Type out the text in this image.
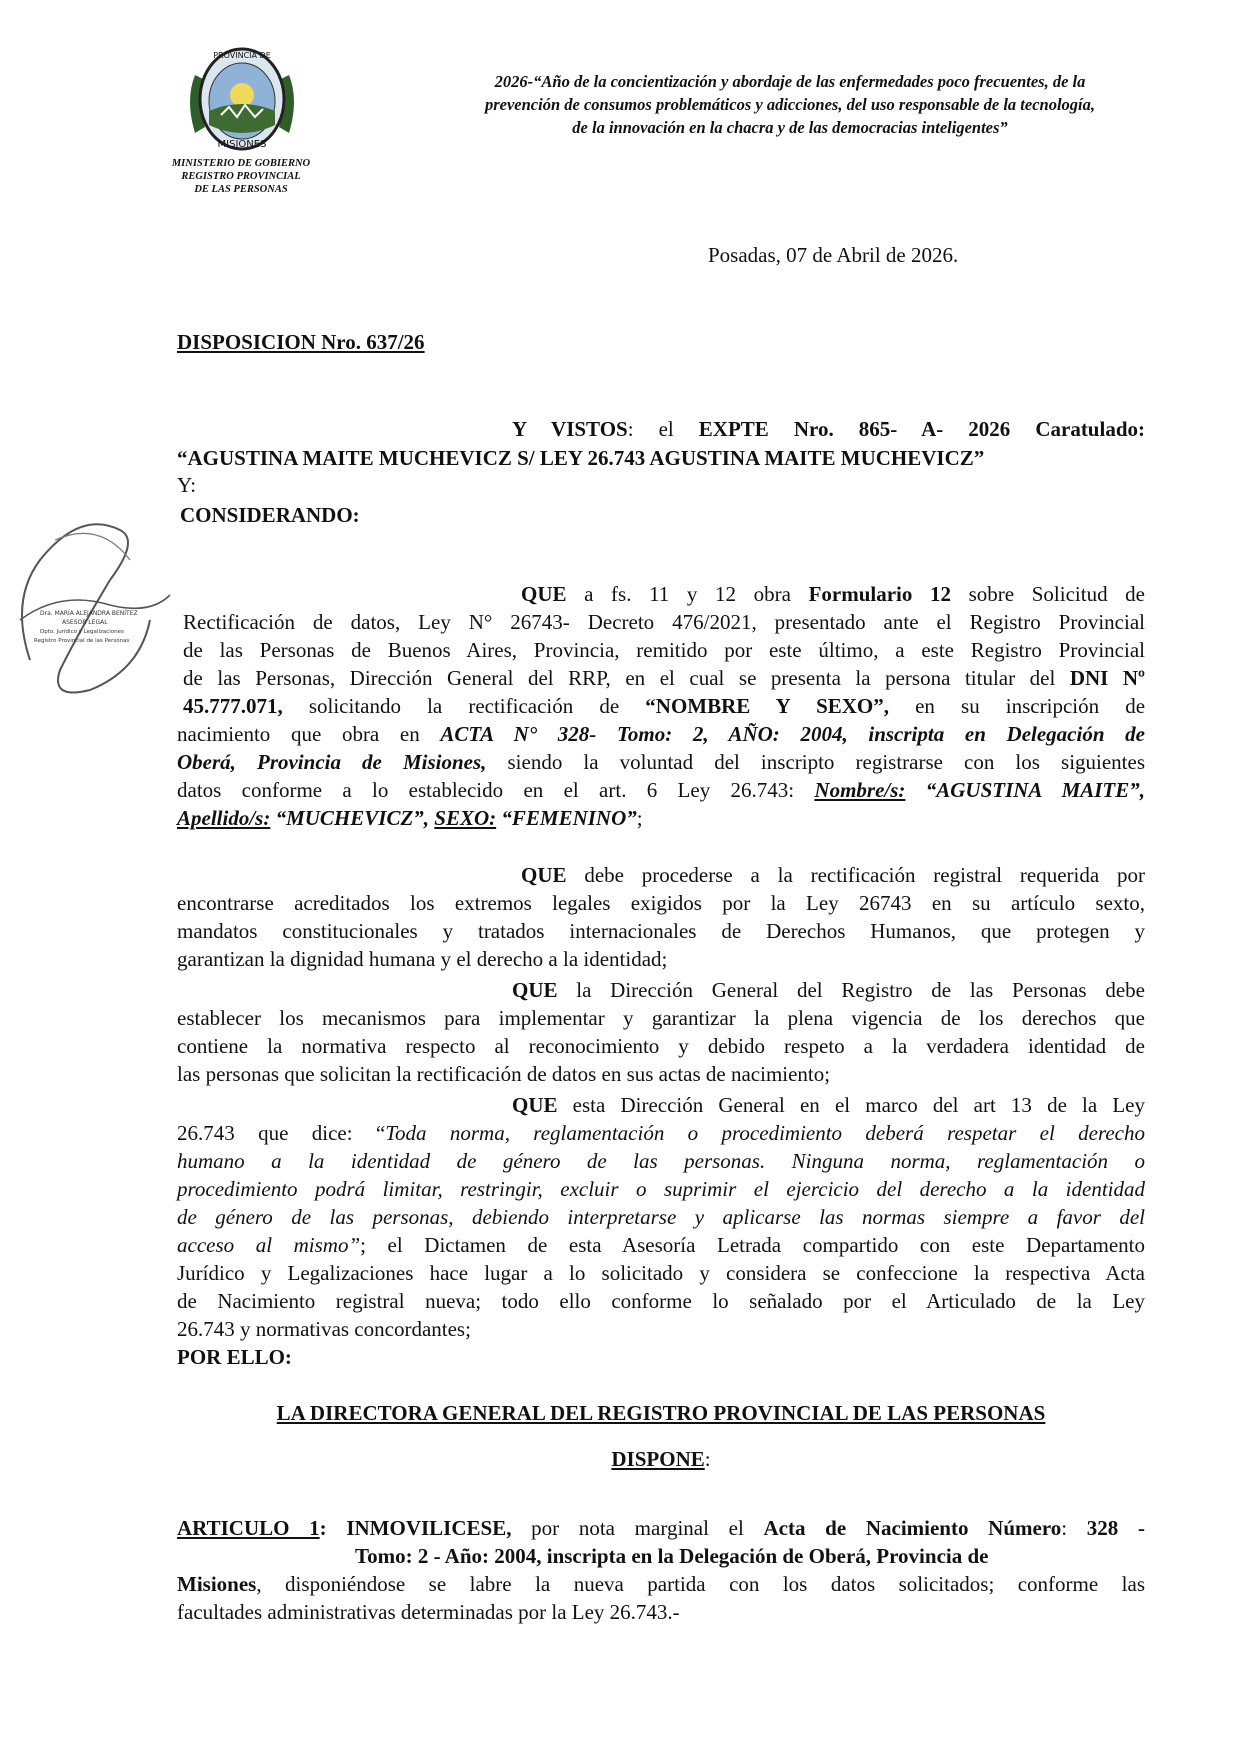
PROVINCIA DE
MISIONES
MINISTERIO DE GOBIERNO
REGISTRO PROVINCIAL
DE LAS PERSONAS
2026-“Año de la concientización y abordaje de las enfermedades poco frecuentes, de la
prevención de consumos problemáticos y adicciones, del uso responsable de la tecnología,
de la innovación en la chacra y de las democracias inteligentes”
Posadas, 07 de Abril de 2026.
DISPOSICION Nro. 637/26
Y VISTOS: el EXPTE Nro. 865- A- 2026 Caratulado:
“AGUSTINA MAITE MUCHEVICZ S/ LEY 26.743 AGUSTINA MAITE MUCHEVICZ”
Y:
CONSIDERANDO:
Dra. MARÍA ALEJANDRA BENÍTEZ
ASESOR LEGAL
Dpto. Jurídico y Legalizaciones
Registro Provincial de las Personas
QUE a fs. 11 y 12 obra Formulario 12 sobre Solicitud de
Rectificación de datos, Ley N° 26743- Decreto 476/2021, presentado ante el Registro Provincial
de las Personas de Buenos Aires, Provincia, remitido por este último, a este Registro Provincial
de las Personas, Dirección General del RRP, en el cual se presenta la persona titular del DNI Nº
45.777.071, solicitando la rectificación de “NOMBRE Y SEXO”, en su inscripción de
nacimiento que obra en ACTA N° 328- Tomo: 2, AÑO: 2004, inscripta en Delegación de
Oberá, Provincia de Misiones, siendo la voluntad del inscripto registrarse con los siguientes
datos conforme a lo establecido en el art. 6 Ley 26.743: Nombre/s: “AGUSTINA MAITE”,
Apellido/s: “MUCHEVICZ”, SEXO: “FEMENINO”;
QUE debe procederse a la rectificación registral requerida por
encontrarse acreditados los extremos legales exigidos por la Ley 26743 en su artículo sexto,
mandatos constitucionales y tratados internacionales de Derechos Humanos, que protegen y
garantizan la dignidad humana y el derecho a la identidad;
QUE la Dirección General del Registro de las Personas debe
establecer los mecanismos para implementar y garantizar la plena vigencia de los derechos que
contiene la normativa respecto al reconocimiento y debido respeto a la verdadera identidad de
las personas que solicitan la rectificación de datos en sus actas de nacimiento;
QUE esta Dirección General en el marco del art 13 de la Ley
26.743 que dice: “Toda norma, reglamentación o procedimiento deberá respetar el derecho
humano a la identidad de género de las personas. Ninguna norma, reglamentación o
procedimiento podrá limitar, restringir, excluir o suprimir el ejercicio del derecho a la identidad
de género de las personas, debiendo interpretarse y aplicarse las normas siempre a favor del
acceso al mismo”; el Dictamen de esta Asesoría Letrada compartido con este Departamento
Jurídico y Legalizaciones hace lugar a lo solicitado y considera se confeccione la respectiva Acta
de Nacimiento registral nueva; todo ello conforme lo señalado por el Articulado de la Ley
26.743 y normativas concordantes;
POR ELLO:
LA DIRECTORA GENERAL DEL REGISTRO PROVINCIAL DE LAS PERSONAS
DISPONE:
ARTICULO 1: INMOVILICESE, por nota marginal el Acta de Nacimiento Número: 328 -
Tomo: 2 - Año: 2004, inscripta en la Delegación de Oberá, Provincia de
Misiones, disponiéndose se labre la nueva partida con los datos solicitados; conforme las
facultades administrativas determinadas por la Ley 26.743.-
